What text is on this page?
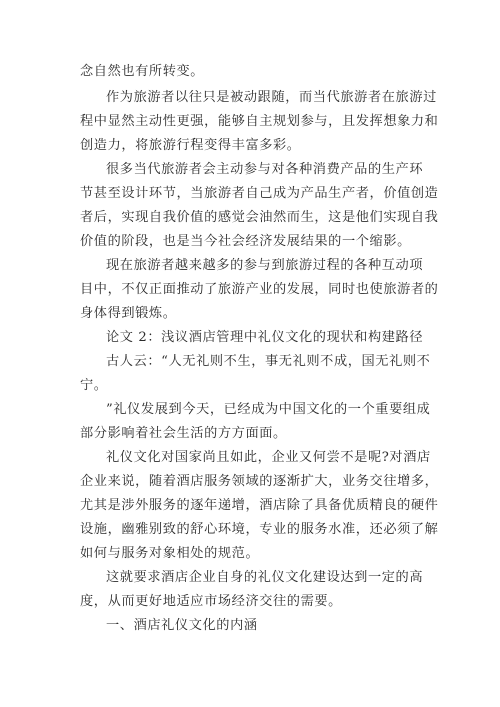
念自然也有所转变。
作为旅游者以往只是被动跟随，而当代旅游者在旅游过
程中显然主动性更强，能够自主规划参与，且发挥想象力和
创造力，将旅游行程变得丰富多彩。
很多当代旅游者会主动参与对各种消费产品的生产环
节甚至设计环节，当旅游者自己成为产品生产者，价值创造
者后，实现自我价值的感觉会油然而生，这是他们实现自我
价值的阶段，也是当今社会经济发展结果的一个缩影。
现在旅游者越来越多的参与到旅游过程的各种互动项
目中，不仅正面推动了旅游产业的发展，同时也使旅游者的
身体得到锻炼。
论文 2：浅议酒店管理中礼仪文化的现状和构建路径
古人云：“人无礼则不生，事无礼则不成，国无礼则不
宁。
”礼仪发展到今天，已经成为中国文化的一个重要组成
部分影响着社会生活的方方面面。
礼仪文化对国家尚且如此，企业又何尝不是呢?对酒店
企业来说，随着酒店服务领域的逐渐扩大，业务交往增多，
尤其是涉外服务的逐年递增，酒店除了具备优质精良的硬件
设施，幽雅别致的舒心环境，专业的服务水准，还必须了解
如何与服务对象相处的规范。
这就要求酒店企业自身的礼仪文化建设达到一定的高
度，从而更好地适应市场经济交往的需要。
一、酒店礼仪文化的内涵
